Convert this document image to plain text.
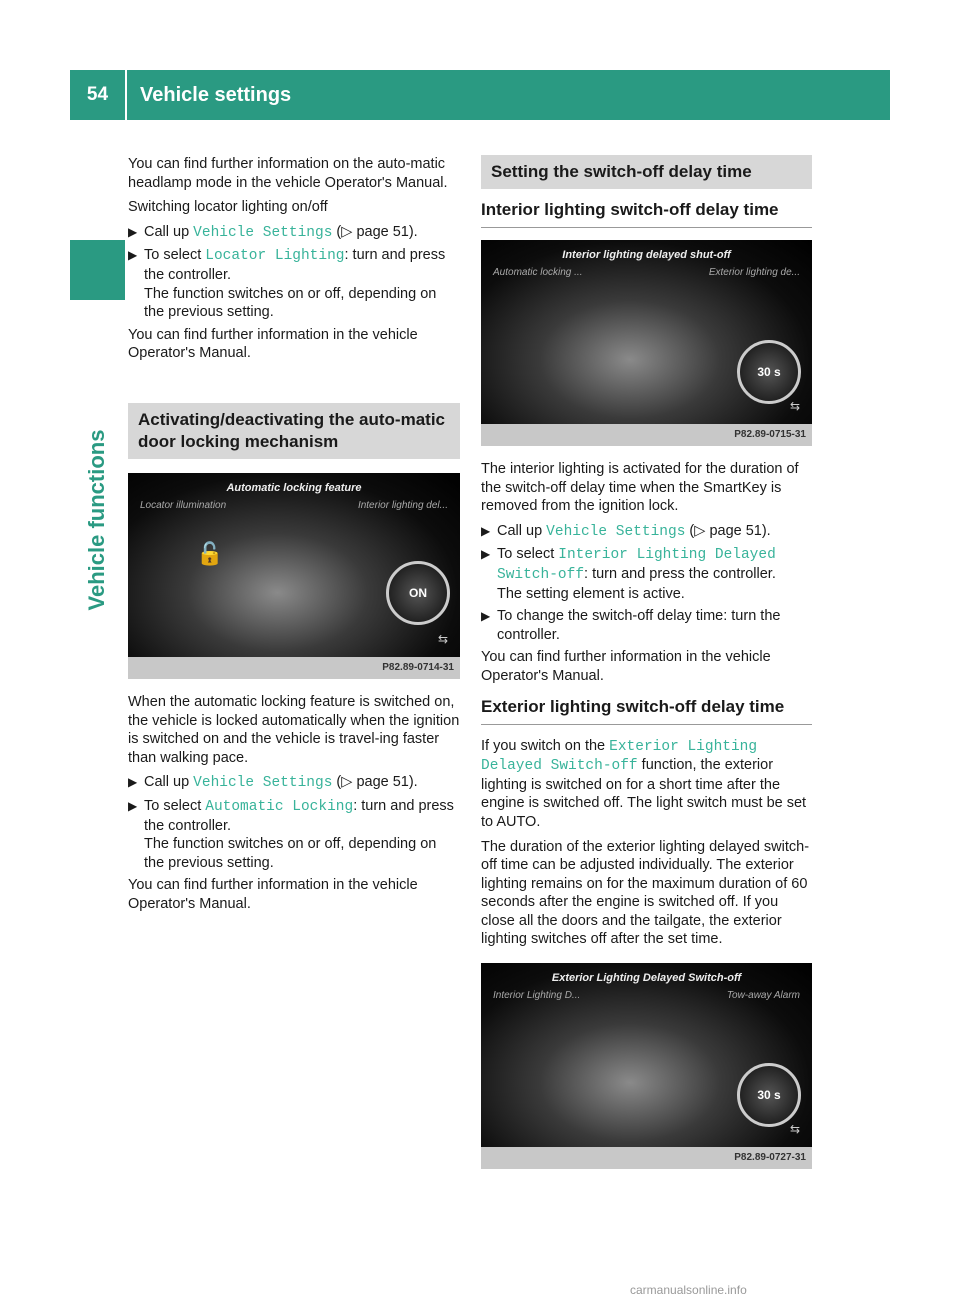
54	Vehicle settings
Vehicle functions

You can find further information on the auto-matic headlamp mode in the vehicle Operator's Manual.

Switching locator lighting on/off

▶ Call up Vehicle Settings (▷ page 51).
▶ To select Locator Lighting: turn and press the controller.
The function switches on or off, depending on the previous setting.

You can find further information in the vehicle Operator's Manual.

Activating/deactivating the auto-matic door locking mechanism
Automatic locking feature
Locator illumination	Interior lighting del...
🔓
ON
⇆
P82.89-0714-31

When the automatic locking feature is switched on, the vehicle is locked automatically when the ignition is switched on and the vehicle is travel-ing faster than walking pace.

▶ Call up Vehicle Settings (▷ page 51).
▶ To select Automatic Locking: turn and press the controller.
The function switches on or off, depending on the previous setting.

You can find further information in the vehicle Operator's Manual.

Setting the switch-off delay time
Interior lighting switch-off delay time
Interior lighting delayed shut-off
Automatic locking ...	Exterior lighting de...
30 s
⇆
P82.89-0715-31

The interior lighting is activated for the duration of the switch-off delay time when the SmartKey is removed from the ignition lock.

▶ Call up Vehicle Settings (▷ page 51).
▶ To select Interior Lighting Delayed Switch-off: turn and press the controller.
The setting element is active.
▶ To change the switch-off delay time: turn the controller.

You can find further information in the vehicle Operator's Manual.

Exterior lighting switch-off delay time

If you switch on the Exterior Lighting Delayed Switch-off function, the exterior lighting is switched on for a short time after the engine is switched off. The light switch must be set to AUTO.

The duration of the exterior lighting delayed switch-off time can be adjusted individually. The exterior lighting remains on for the maximum duration of 60 seconds after the engine is switched off. If you close all the doors and the tailgate, the exterior lighting switches off after the set time.

Exterior Lighting Delayed Switch-off
Interior Lighting D...	Tow-away Alarm
30 s
⇆
P82.89-0727-31
carmanualsonline.info
